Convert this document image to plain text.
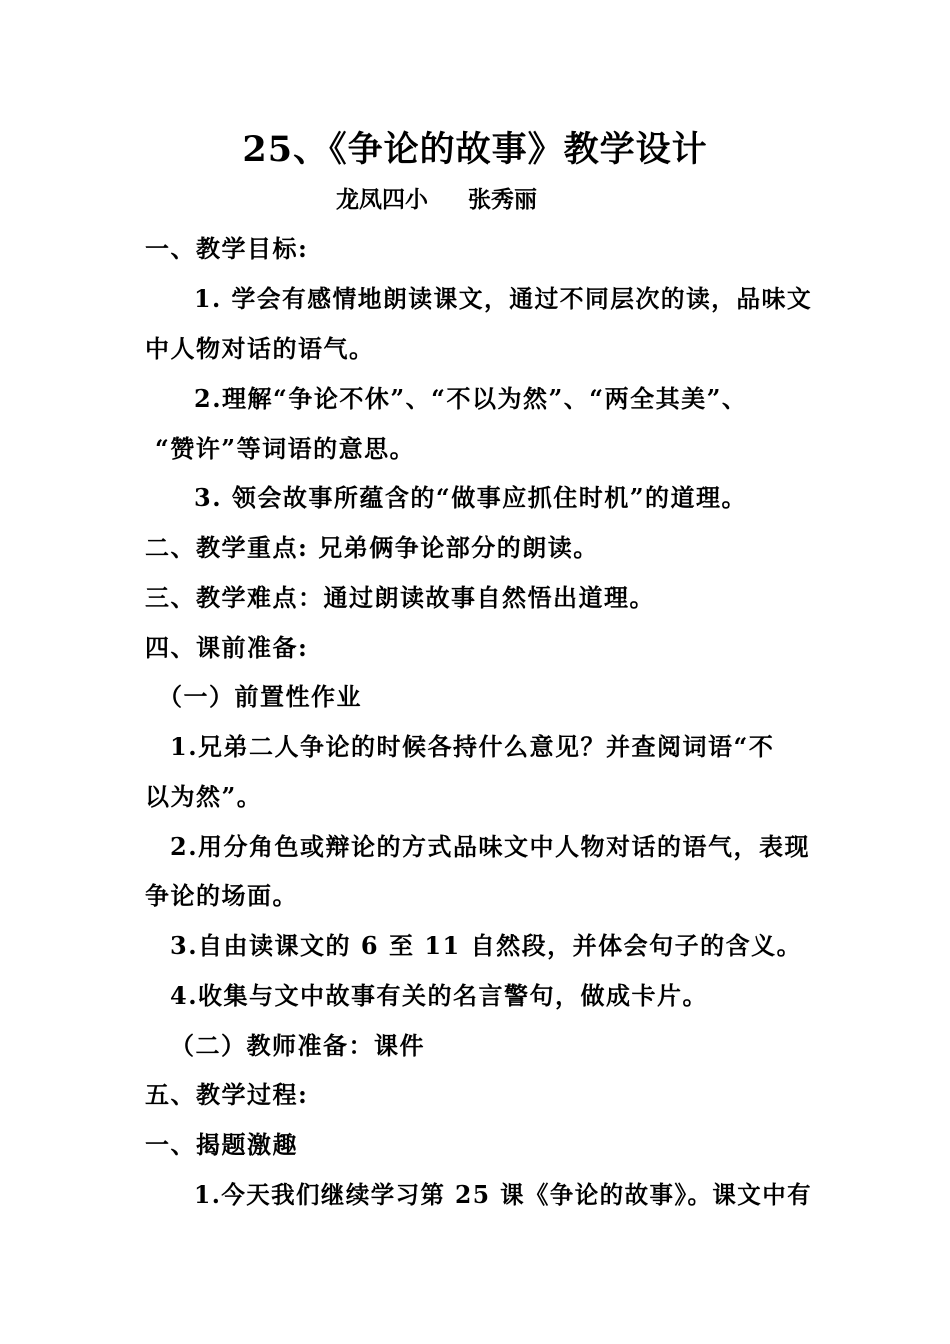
25、《争论的故事》教学设计
龙凤四小 张秀丽
一、教学目标:
1. 学会有感情地朗读课文，通过不同层次的读，品味文
中人物对话的语气。
2.理解“争论不休”、“不以为然”、“两全其美”、
“赞许”等词语的意思。
3. 领会故事所蕴含的“做事应抓住时机”的道理。
二、教学重点: 兄弟俩争论部分的朗读。
三、教学难点：通过朗读故事自然悟出道理。
四、课前准备:
（一）前置性作业
1.兄弟二人争论的时候各持什么意见？并查阅词语“不
以为然”。
2.用分角色或辩论的方式品味文中人物对话的语气，表现
争论的场面。
3.自由读课文的 6 至 11 自然段，并体会句子的含义。
4.收集与文中故事有关的名言警句，做成卡片。
（二）教师准备：课件
五、教学过程:
一、揭题激趣
1.今天我们继续学习第 25 课《争论的故事》。课文中有
